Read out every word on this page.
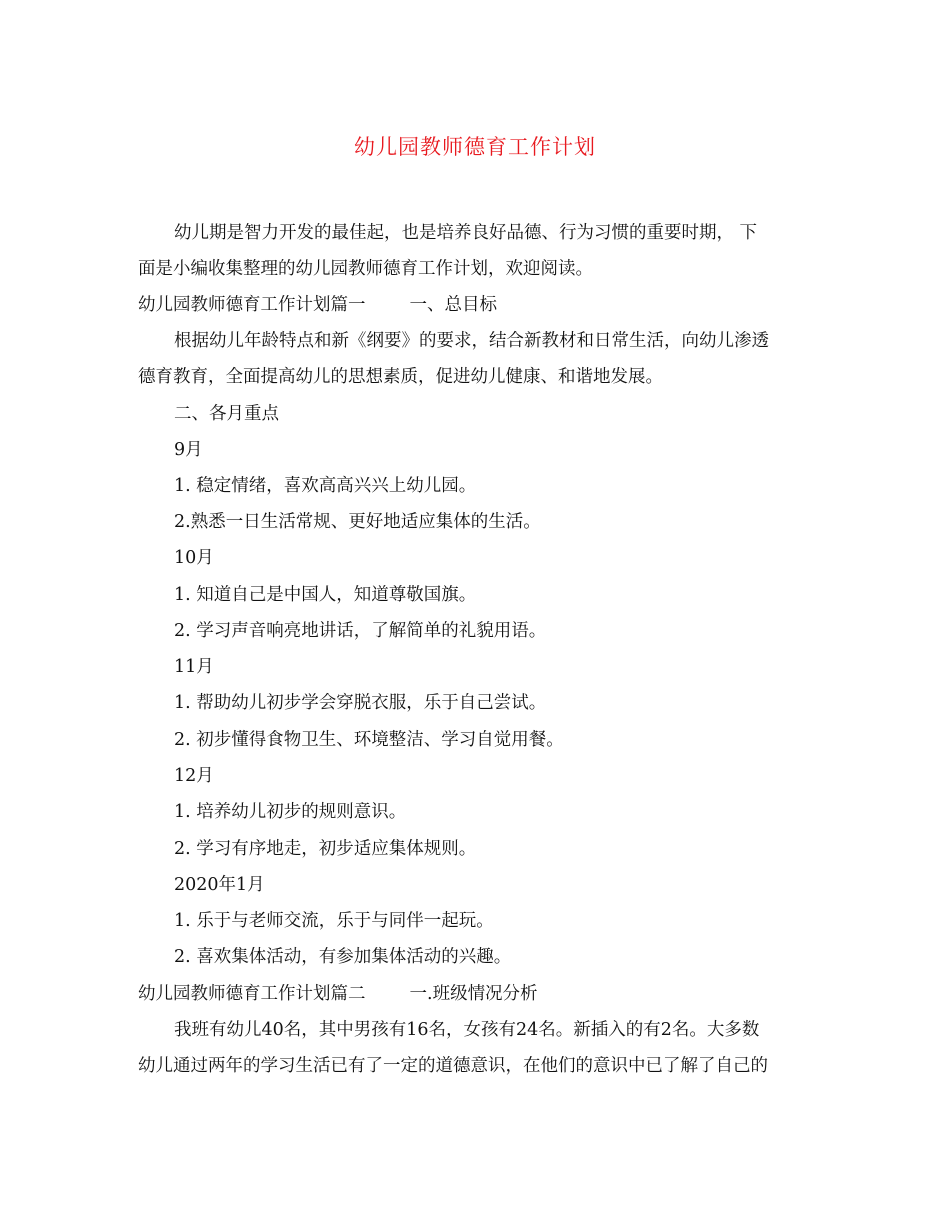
幼儿园教师德育工作计划
幼儿期是智力开发的最佳起，也是培养良好品德、行为习惯的重要时期， 下
面是小编收集整理的幼儿园教师德育工作计划，欢迎阅读。
幼儿园教师德育工作计划篇一	一、总目标
根据幼儿年龄特点和新《纲要》的要求，结合新教材和日常生活，向幼儿渗透
德育教育，全面提高幼儿的思想素质，促进幼儿健康、和谐地发展。
二、各月重点
9月
1. 稳定情绪，喜欢高高兴兴上幼儿园。
2.熟悉一日生活常规、更好地适应集体的生活。
10月
1. 知道自己是中国人，知道尊敬国旗。
2. 学习声音响亮地讲话，了解简单的礼貌用语。
11月
1. 帮助幼儿初步学会穿脱衣服，乐于自己尝试。
2. 初步懂得食物卫生、环境整洁、学习自觉用餐。
12月
1. 培养幼儿初步的规则意识。
2. 学习有序地走，初步适应集体规则。
2020年1月
1. 乐于与老师交流，乐于与同伴一起玩。
2. 喜欢集体活动，有参加集体活动的兴趣。
幼儿园教师德育工作计划篇二	一.班级情况分析
我班有幼儿40名，其中男孩有16名，女孩有24名。新插入的有2名。大多数
幼儿通过两年的学习生活已有了一定的道德意识，在他们的意识中已了解了自己的
